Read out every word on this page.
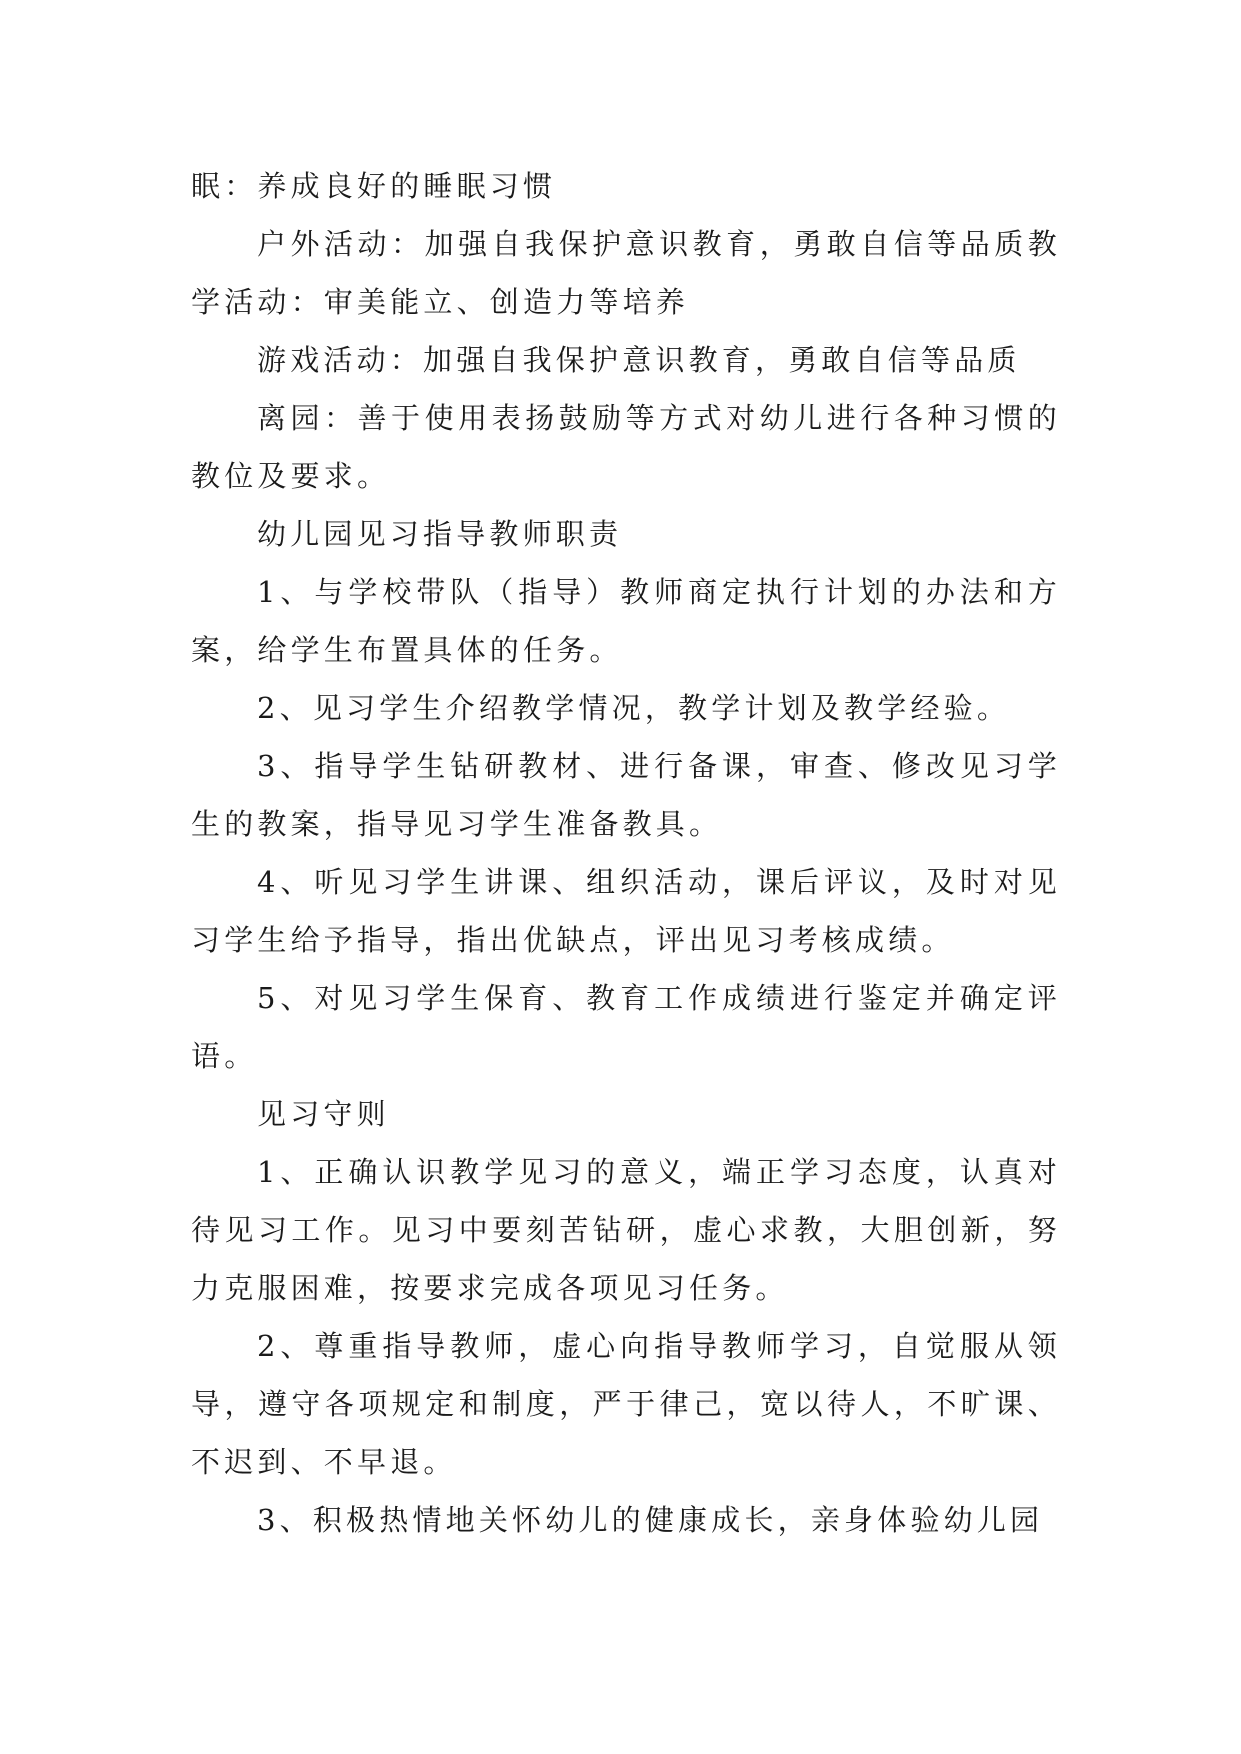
眠：养成良好的睡眠习惯

户外活动：加强自我保护意识教育，勇敢自信等品质教学活动：审美能立、创造力等培养

游戏活动：加强自我保护意识教育，勇敢自信等品质

离园：善于使用表扬鼓励等方式对幼儿进行各种习惯的教位及要求。

幼儿园见习指导教师职责

1、与学校带队（指导）教师商定执行计划的办法和方案，给学生布置具体的任务。

2、见习学生介绍教学情况，教学计划及教学经验。

3、指导学生钻研教材、进行备课，审查、修改见习学生的教案，指导见习学生准备教具。

4、听见习学生讲课、组织活动，课后评议，及时对见习学生给予指导，指出优缺点，评出见习考核成绩。

5、对见习学生保育、教育工作成绩进行鉴定并确定评语。

见习守则

1、正确认识教学见习的意义，端正学习态度，认真对待见习工作。见习中要刻苦钻研，虚心求教，大胆创新，努力克服困难，按要求完成各项见习任务。

2、尊重指导教师，虚心向指导教师学习，自觉服从领导，遵守各项规定和制度，严于律己，宽以待人，不旷课、不迟到、不早退。

3、积极热情地关怀幼儿的健康成长，亲身体验幼儿园
